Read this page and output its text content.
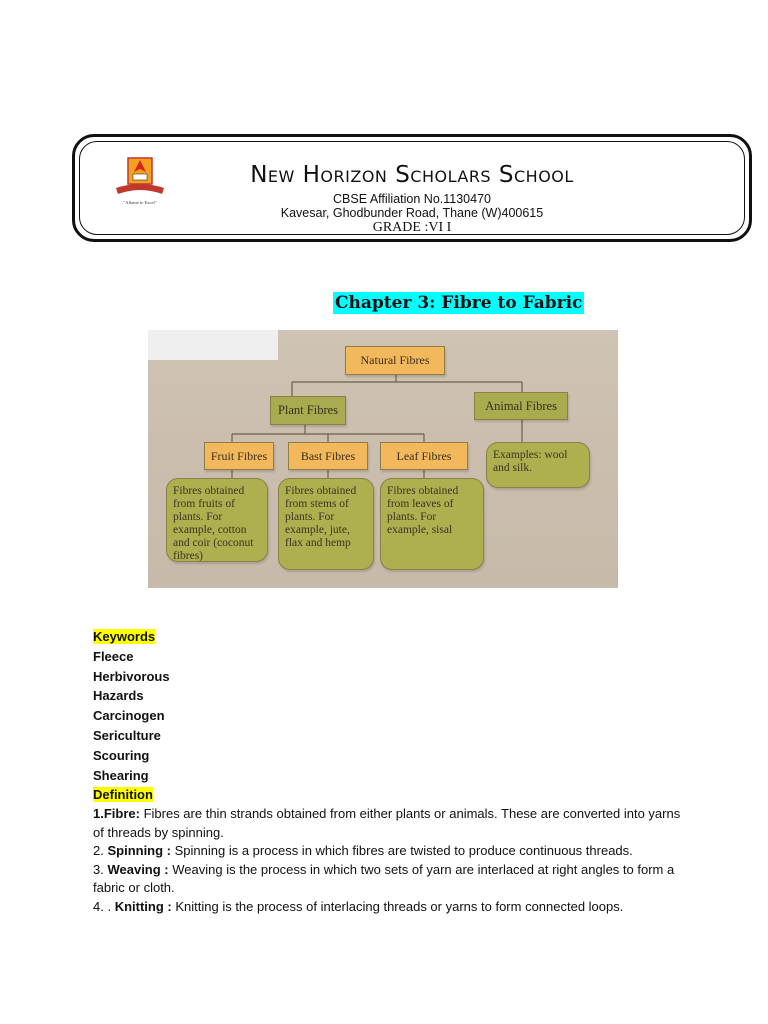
"Aflame to Excel"
New Horizon Scholars School
CBSE Affiliation No.1130470
Kavesar, Ghodbunder Road, Thane (W)400615
GRADE :VI I
Chapter 3: Fibre to Fabric
Natural Fibres
Plant Fibres	Animal Fibres
Fruit Fibres	Bast Fibres	Leaf Fibres	Examples: wool and silk.
Fibres obtained from fruits of plants. For example, cotton and coir (coconut fibres)
Fibres obtained from stems of plants. For example, jute, flax and hemp
Fibres obtained from leaves of plants. For example, sisal
Keywords
Fleece
Herbivorous
Hazards
Carcinogen
Sericulture
Scouring
Shearing
Definition
1.Fibre: Fibres are thin strands obtained from either plants or animals. These are converted into yarns of threads by spinning.
2. Spinning : Spinning is a process in which fibres are twisted to produce continuous threads.
3. Weaving : Weaving is the process in which two sets of yarn are interlaced at right angles to form a fabric or cloth.
4. . Knitting : Knitting is the process of interlacing threads or yarns to form connected loops.
